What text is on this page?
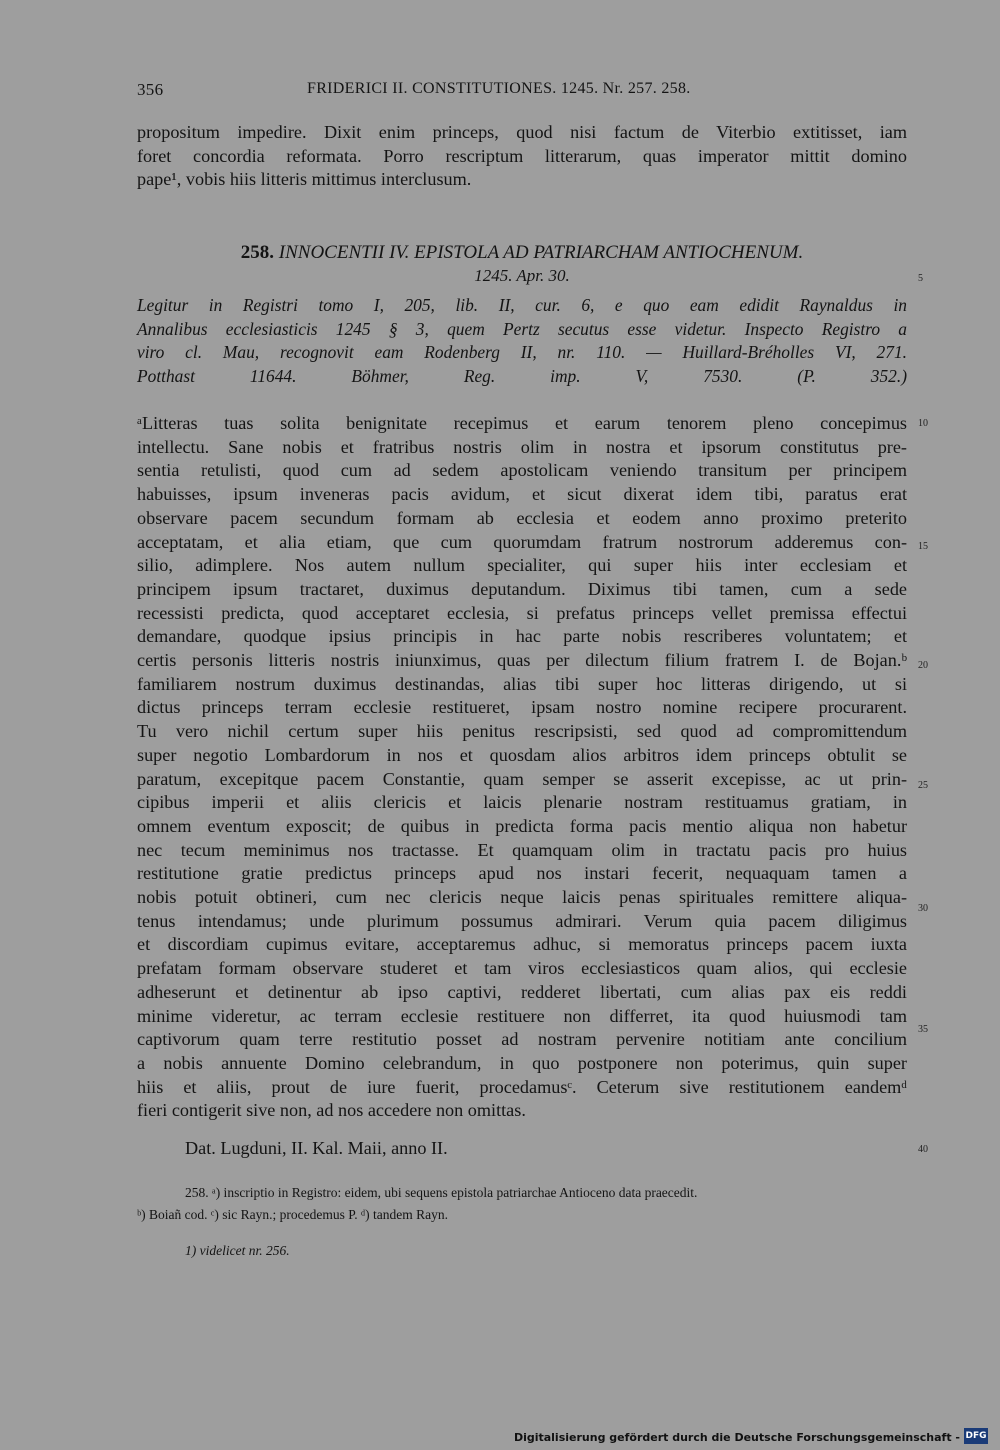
356	FRIDERICI II. CONSTITUTIONES. 1245. Nr. 257. 258.
propositum impedire. Dixit enim princeps, quod nisi factum de Viterbio extitisset, iam
foret concordia reformata. Porro rescriptum litterarum, quas imperator mittit domino
pape¹, vobis hiis litteris mittimus interclusum.
258. INNOCENTII IV. EPISTOLA AD PATRIARCHAM ANTIOCHENUM.
1245. Apr. 30.
Legitur in Registri tomo I, 205, lib. II, cur. 6, e quo eam edidit Raynaldus in
Annalibus ecclesiasticis 1245 § 3, quem Pertz secutus esse videtur. Inspecto Registro a
viro cl. Mau, recognovit eam Rodenberg II, nr. 110. — Huillard-Bréholles VI, 271.
Potthast 11644. Böhmer, Reg. imp. V, 7530. (P. 352.)
ᵃLitteras tuas solita benignitate recepimus et earum tenorem pleno concepimus
intellectu. Sane nobis et fratribus nostris olim in nostra et ipsorum constitutus pre-
sentia retulisti, quod cum ad sedem apostolicam veniendo transitum per principem
habuisses, ipsum inveneras pacis avidum, et sicut dixerat idem tibi, paratus erat
observare pacem secundum formam ab ecclesia et eodem anno proximo preterito
acceptatam, et alia etiam, que cum quorumdam fratrum nostrorum adderemus con-
silio, adimplere. Nos autem nullum specialiter, qui super hiis inter ecclesiam et
principem ipsum tractaret, duximus deputandum. Diximus tibi tamen, cum a sede
recessisti predicta, quod acceptaret ecclesia, si prefatus princeps vellet premissa effectui
demandare, quodque ipsius principis in hac parte nobis rescriberes voluntatem; et
certis personis litteris nostris iniunximus, quas per dilectum filium fratrem I. de Bojan.ᵇ
familiarem nostrum duximus destinandas, alias tibi super hoc litteras dirigendo, ut si
dictus princeps terram ecclesie restitueret, ipsam nostro nomine recipere procurarent.
Tu vero nichil certum super hiis penitus rescripsisti, sed quod ad compromittendum
super negotio Lombardorum in nos et quosdam alios arbitros idem princeps obtulit se
paratum, excepitque pacem Constantie, quam semper se asserit excepisse, ac ut prin-
cipibus imperii et aliis clericis et laicis plenarie nostram restituamus gratiam, in
omnem eventum exposcit; de quibus in predicta forma pacis mentio aliqua non habetur
nec tecum meminimus nos tractasse. Et quamquam olim in tractatu pacis pro huius
restitutione gratie predictus princeps apud nos instari fecerit, nequaquam tamen a
nobis potuit obtineri, cum nec clericis neque laicis penas spirituales remittere aliqua-
tenus intendamus; unde plurimum possumus admirari. Verum quia pacem diligimus
et discordiam cupimus evitare, acceptaremus adhuc, si memoratus princeps pacem iuxta
prefatam formam observare studeret et tam viros ecclesiasticos quam alios, qui ecclesie
adheserunt et detinentur ab ipso captivi, redderet libertati, cum alias pax eis reddi
minime videretur, ac terram ecclesie restituere non differret, ita quod huiusmodi tam
captivorum quam terre restitutio posset ad nostram pervenire notitiam ante concilium
a nobis annuente Domino celebrandum, in quo postponere non poterimus, quin super
hiis et aliis, prout de iure fuerit, procedamusᶜ. Ceterum sive restitutionem eandemᵈ
fieri contigerit sive non, ad nos accedere non omittas.
Dat. Lugduni, II. Kal. Maii, anno II.
5
10
15
20
25
30
35
40
258. ᵃ) inscriptio in Registro: eidem, ubi sequens epistola patriarchae Antioceno data praecedit.
ᵇ) Boiañ cod. ᶜ) sic Rayn.; procedemus P. ᵈ) tandem Rayn.
1) videlicet nr. 256.
Digitalisierung gefördert durch die Deutsche Forschungsgemeinschaft - DFG
